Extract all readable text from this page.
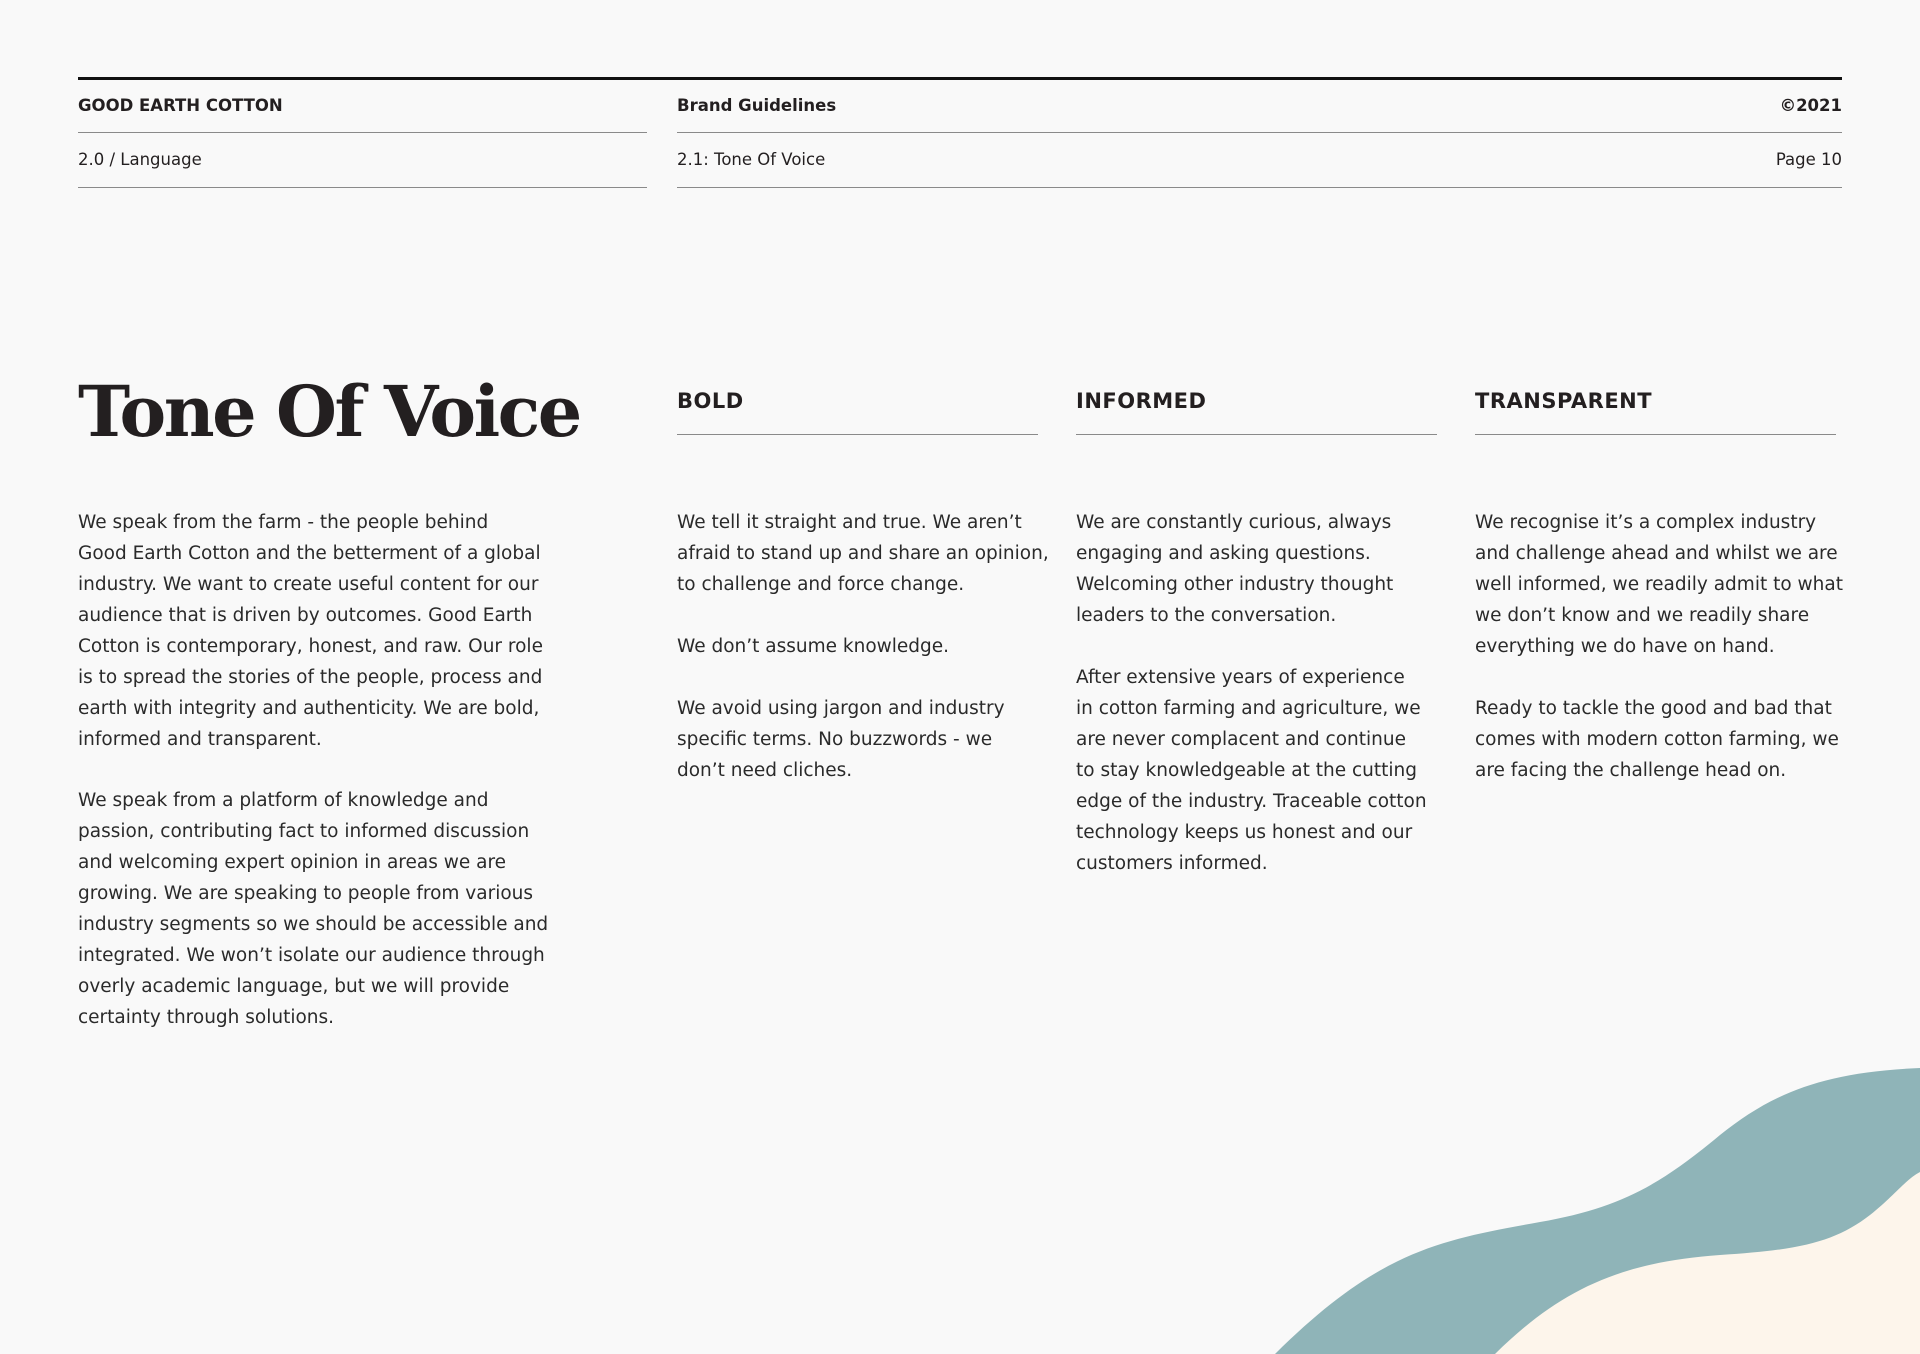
GOOD EARTH COTTON
2.0 / Language
Brand Guidelines	©2021
2.1: Tone Of Voice	Page 10
Tone Of Voice

We speak from the farm - the people behind
Good Earth Cotton and the betterment of a global
industry. We want to create useful content for our
audience that is driven by outcomes. Good Earth
Cotton is contemporary, honest, and raw. Our role
is to spread the stories of the people, process and
earth with integrity and authenticity. We are bold,
informed and transparent.

We speak from a platform of knowledge and
passion, contributing fact to informed discussion
and welcoming expert opinion in areas we are
growing. We are speaking to people from various
industry segments so we should be accessible and
integrated. We won’t isolate our audience through
overly academic language, but we will provide
certainty through solutions.

BOLD

We tell it straight and true. We aren’t
afraid to stand up and share an opinion,
to challenge and force change.

We don’t assume knowledge.

We avoid using jargon and industry
specific terms. No buzzwords - we
don’t need cliches.

INFORMED

We are constantly curious, always
engaging and asking questions.
Welcoming other industry thought
leaders to the conversation.

After extensive years of experience
in cotton farming and agriculture, we
are never complacent and continue
to stay knowledgeable at the cutting
edge of the industry. Traceable cotton
technology keeps us honest and our
customers informed.

TRANSPARENT

We recognise it’s a complex industry
and challenge ahead and whilst we are
well informed, we readily admit to what
we don’t know and we readily share
everything we do have on hand.

Ready to tackle the good and bad that
comes with modern cotton farming, we
are facing the challenge head on.
